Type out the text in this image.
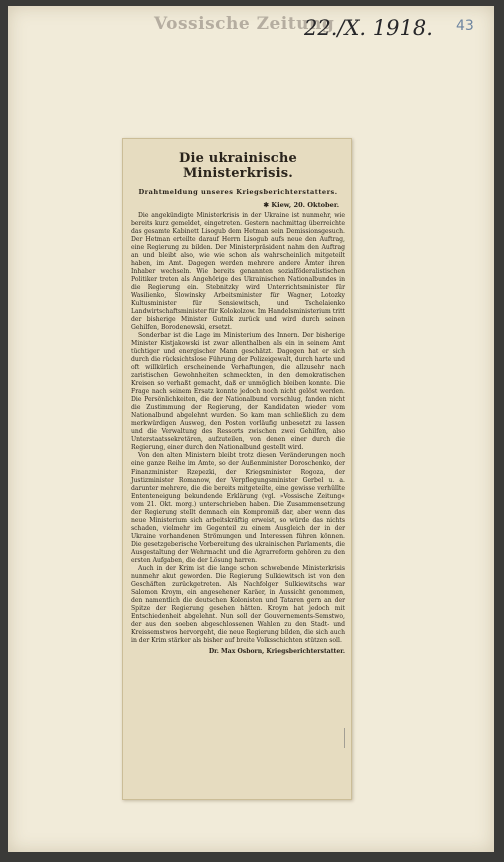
Vossische Zeitung
22./X. 1918. 43
Die ukrainische Ministerkrisis.
Drahtmeldung unseres Kriegsberichterstatters.
✱ Kiew, 20. Oktober.

Die angekündigte Ministerkrisis in der Ukraine ist nunmehr, wie bereits kurz gemeldet, eingetreten. Gestern nachmittag überreichte das gesamte Kabinett Lisogub dem Hetman sein Demissionsgesuch. Der Hetman erteilte darauf Herrn Lisogub aufs neue den Auftrag, eine Regierung zu bilden. Der Ministerpräsident nahm den Auftrag an und bleibt also, wie wie schon als wahrscheinlich mitgeteilt haben, im Amt. Dagegen werden mehrere andere Ämter ihren Inhaber wechseln. Wie bereits genannten sozialföderalistischen Politiker treten als Angehörige des Ukrainischen Nationalbundes in die Regierung ein. Stebnitzky wird Unterrichtsminister für Wasilienko, Slowinsky Arbeitsminister für Wagner, Lotozky Kultusminister für Sensiewitsch, und Tschelaienko Landwirtschaftsminister für Kolokolzow. Im Handelsministerium tritt der bisherige Minister Gutnik zurück und wird durch seinen Gehilfen, Borodenewski, ersetzt.

Sonderbar ist die Lage im Ministerium des Innern. Der bisherige Minister Kistjakowski ist zwar allenthalben als ein in seinem Amt tüchtiger und energischer Mann geschätzt. Dagegen hat er sich durch die rücksichtslose Führung der Polizeigewalt, durch harte und oft willkürlich erscheinende Verhaftungen, die allzusehr nach zaristischen Gewohnheiten schmeckten, in den demokratischen Kreisen so verhaßt gemacht, daß er unmöglich bleiben konnte. Die Frage nach seinem Ersatz konnte jedoch noch nicht gelöst werden. Die Persönlichkeiten, die der Nationalbund vorschlug, fanden nicht die Zustimmung der Regierung, der Kandidaten wieder vom Nationalbund abgelehnt wurden. So kam man schließlich zu dem merkwürdigen Ausweg, den Posten vorläufig unbesetzt zu lassen und die Verwaltung des Ressorts zwischen zwei Gehilfen, also Unterstaatssekretären, aufzuteilen, von denen einer durch die Regierung, einer durch den Nationalbund gestellt wird.

Von den alten Ministern bleibt trotz diesen Veränderungen noch eine ganze Reihe im Amte, so der Außenminister Doroschenko, der Finanzminister Rzepezki, der Kriegsminister Rogoza, der Justizminister Romanow, der Verpflegungsminister Gerbel u. a. darunter mehrere, die die bereits mitgeteilte, eine gewisse verhüllte Ententeneigung bekundende Erklärung (vgl. »Vossische Zeitung« vom 21. Okt. morg.) unterschrieben haben. Die Zusammensetzung der Regierung stellt demnach ein Kompromiß dar, aber wenn das neue Ministerium sich arbeitskräftig erweist, so würde das nichts schaden, vielmehr im Gegenteil zu einem Ausgleich der in der Ukraine vorhandenen Strömungen und Interessen führen können. Die gesetzgeberische Vorbereitung des ukrainischen Parlaments, die Ausgestaltung der Wehrmacht und die Agrarreform gehören zu den ersten Aufgaben, die der Lösung harren.

Auch in der Krim ist die lange schon schwebende Ministerkrisis nunmehr akut geworden. Die Regierung Sulkiewitsch ist von den Geschäften zurückgetreten. Als Nachfolger Sulkiewitschs war Salomon Kroym, ein angesehener Karäer, in Aussicht genommen, den namentlich die deutschen Kolonisten und Tataren gern an der Spitze der Regierung gesehen hätten. Kroym hat jedoch mit Entschiedenheit abgelehnt. Nun soll der Gouvernements-Semstwo, der aus den soeben abgeschlossenen Wahlen zu den Stadt- und Kreissemstwos hervorgeht, die neue Regierung bilden, die sich auch in der Krim stärker als bisher auf breite Volksschichten stützen soll.

Dr. Max Osborn, Kriegsberichterstatter.
